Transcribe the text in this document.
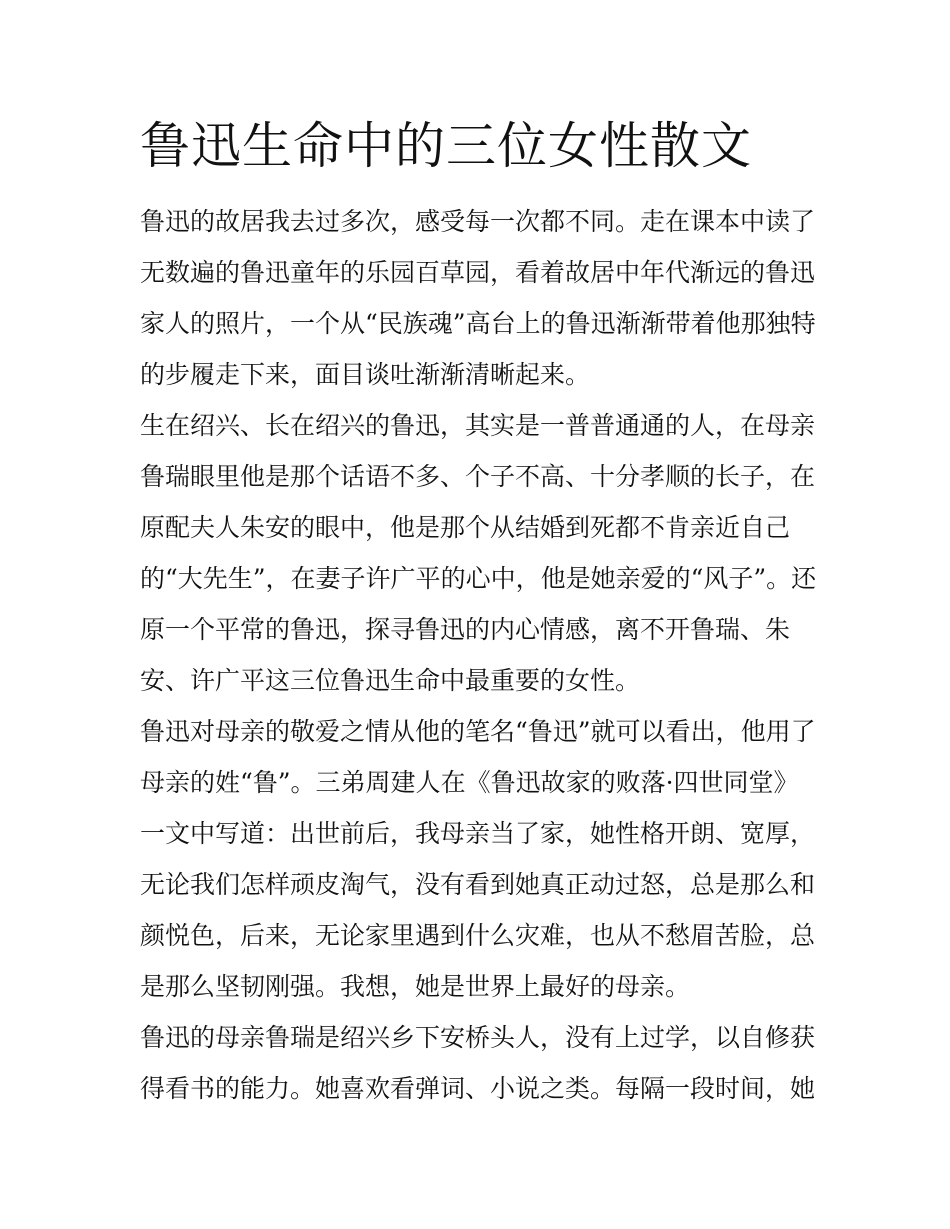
鲁迅生命中的三位女性散文
鲁迅的故居我去过多次，感受每一次都不同。走在课本中读了
无数遍的鲁迅童年的乐园百草园，看着故居中年代渐远的鲁迅
家人的照片，一个从“民族魂”高台上的鲁迅渐渐带着他那独特
的步履走下来，面目谈吐渐渐清晰起来。
生在绍兴、长在绍兴的鲁迅，其实是一普普通通的人，在母亲
鲁瑞眼里他是那个话语不多、个子不高、十分孝顺的长子，在
原配夫人朱安的眼中，他是那个从结婚到死都不肯亲近自己
的“大先生”，在妻子许广平的心中，他是她亲爱的“风子”。还
原一个平常的鲁迅，探寻鲁迅的内心情感，离不开鲁瑞、朱
安、许广平这三位鲁迅生命中最重要的女性。
鲁迅对母亲的敬爱之情从他的笔名“鲁迅”就可以看出，他用了
母亲的姓“鲁”。三弟周建人在《鲁迅故家的败落·四世同堂》
一文中写道：出世前后，我母亲当了家，她性格开朗、宽厚，
无论我们怎样顽皮淘气，没有看到她真正动过怒，总是那么和
颜悦色，后来，无论家里遇到什么灾难，也从不愁眉苦脸，总
是那么坚韧刚强。我想，她是世界上最好的母亲。
鲁迅的母亲鲁瑞是绍兴乡下安桥头人，没有上过学，以自修获
得看书的能力。她喜欢看弹词、小说之类。每隔一段时间，她
